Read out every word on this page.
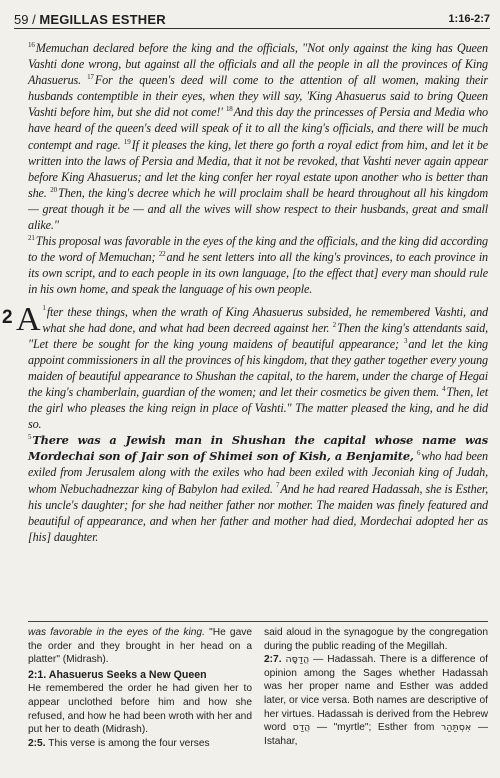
59 / MEGILLAS ESTHER	1:16-2:7

$^{16}$Memuchan declared before the king and the officials, "Not only against the king has Queen Vashti done wrong, but against all the officials and all the people in all the provinces of King Ahasuerus. $^{17}$For the queen's deed will come to the attention of all women, making their husbands contemptible in their eyes, when they will say, 'King Ahasuerus said to bring Queen Vashti before him, but she did not come!' $^{18}$And this day the princesses of Persia and Media who have heard of the queen's deed will speak of it to all the king's officials, and there will be much contempt and rage. $^{19}$If it pleases the king, let there go forth a royal edict from him, and let it be written into the laws of Persia and Media, that it not be revoked, that Vashti never again appear before King Ahasuerus; and let the king confer her royal estate upon another who is better than she. $^{20}$Then, the king's decree which he will proclaim shall be heard throughout all his kingdom — great though it be — and all the wives will show respect to their husbands, great and small alike."

$^{21}$This proposal was favorable in the eyes of the king and the officials, and the king did according to the word of Memuchan; $^{22}$and he sent letters into all the king's provinces, to each province in its own script, and to each people in its own language, [to the effect that] every man should rule in his own home, and speak the language of his own people.

2	$^1$
A fter these things, when the wrath of King Ahasuerus subsided, he remembered Vashti, and what she had done, and what had been decreed against her. $^2$Then the king's attendants said, "Let there be sought for the king young maidens of beautiful appearance; $^3$and let the king appoint commissioners in all the provinces of his kingdom, that they gather together every young maiden of beautiful appearance to Shushan the capital, to the harem, under the charge of Hegai the king's chamberlain, guardian of the women; and let their cosmetics be given them. $^4$Then, let the girl who pleases the king reign in place of Vashti." The matter pleased the king, and he did so.

$^5$There was a Jewish man in Shushan the capital whose name was Mordechai son of Jair son of Shimei son of Kish, a Benjamite, $^6$who had been exiled from Jerusalem along with the exiles who had been exiled with Jeconiah king of Judah, whom Nebuchadnezzar king of Babylon had exiled. $^7$And he had reared Hadassah, she is Esther, his uncle's daughter; for she had neither father nor mother. The maiden was finely featured and beautiful of appearance, and when her father and mother had died, Mordechai adopted her as [his] daughter.

was favorable in the eyes of the king. "He gave the order and they brought in her head on a platter" (Midrash).

2:1. Ahasuerus Seeks a New Queen

He remembered the order he had given her to appear unclothed before him and how she refused, and how he had been wroth with her and put her to death (Midrash).

2:5. This verse is among the four verses

said aloud in the synagogue by the congregation during the public reading of the Megillah.

2:7. הֲדַסָּה — Hadassah. There is a difference of opinion among the Sages whether Hadassah was her proper name and Esther was added later, or vice versa. Both names are descriptive of her virtues. Hadassah is derived from the Hebrew word הֲדַס — "myrtle"; Esther from אִסְתַּהַר — Istahar,
